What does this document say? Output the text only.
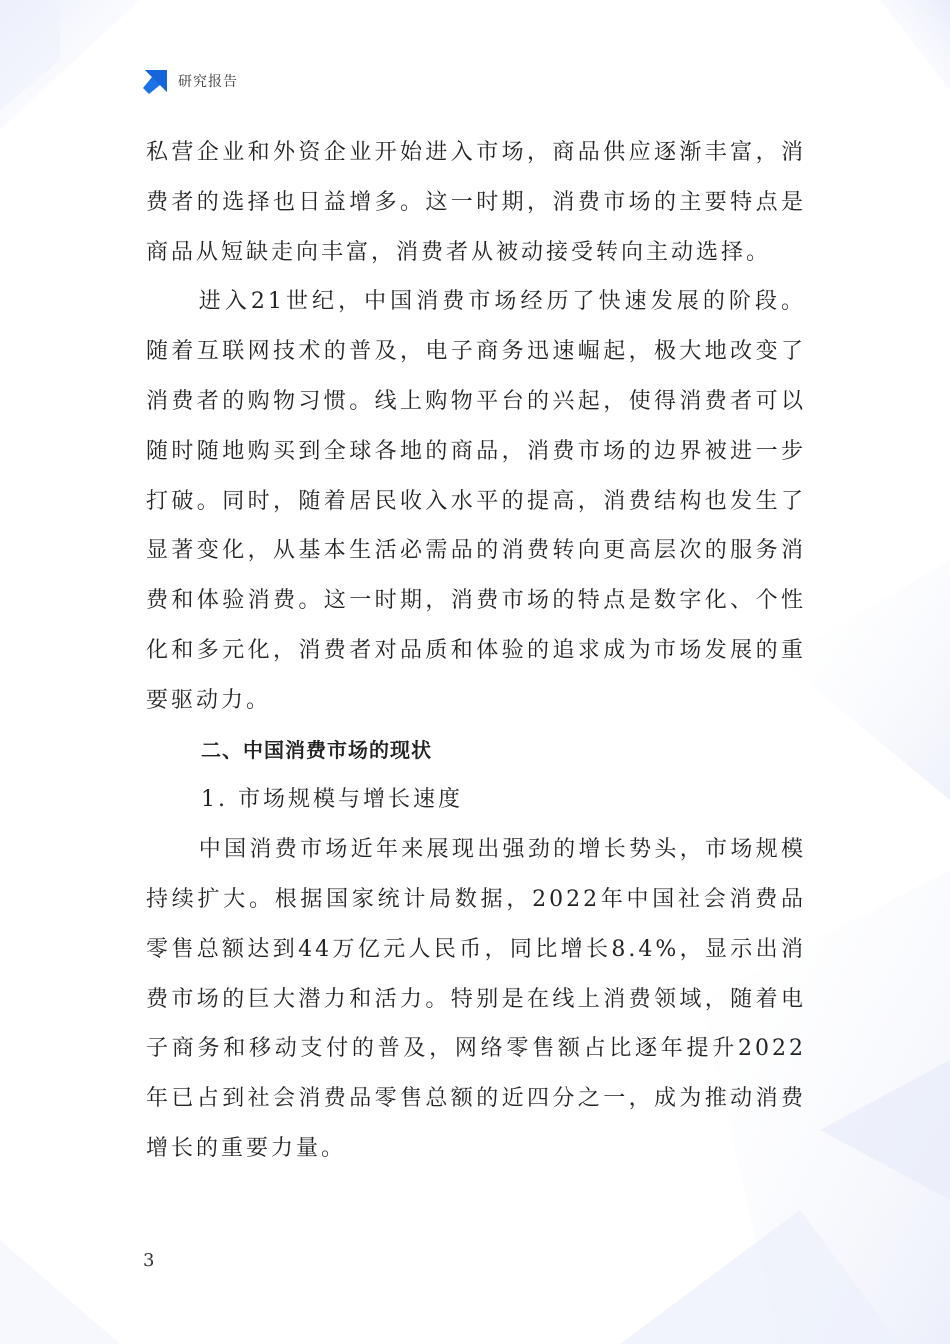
研究报告

私营企业和外资企业开始进入市场，商品供应逐渐丰富，消费者的选择也日益增多。这一时期，消费市场的主要特点是商品从短缺走向丰富，消费者从被动接受转向主动选择。

进入21世纪，中国消费市场经历了快速发展的阶段。随着互联网技术的普及，电子商务迅速崛起，极大地改变了消费者的购物习惯。线上购物平台的兴起，使得消费者可以随时随地购买到全球各地的商品，消费市场的边界被进一步打破。同时，随着居民收入水平的提高，消费结构也发生了显著变化，从基本生活必需品的消费转向更高层次的服务消费和体验消费。这一时期，消费市场的特点是数字化、个性化和多元化，消费者对品质和体验的追求成为市场发展的重要驱动力。

二、中国消费市场的现状

1. 市场规模与增长速度

中国消费市场近年来展现出强劲的增长势头，市场规模持续扩大。根据国家统计局数据，2022年中国社会消费品零售总额达到44万亿元人民币，同比增长8.4%，显示出消费市场的巨大潜力和活力。特别是在线上消费领域，随着电子商务和移动支付的普及，网络零售额占比逐年提升2022年已占到社会消费品零售总额的近四分之一，成为推动消费增长的重要力量。

3
